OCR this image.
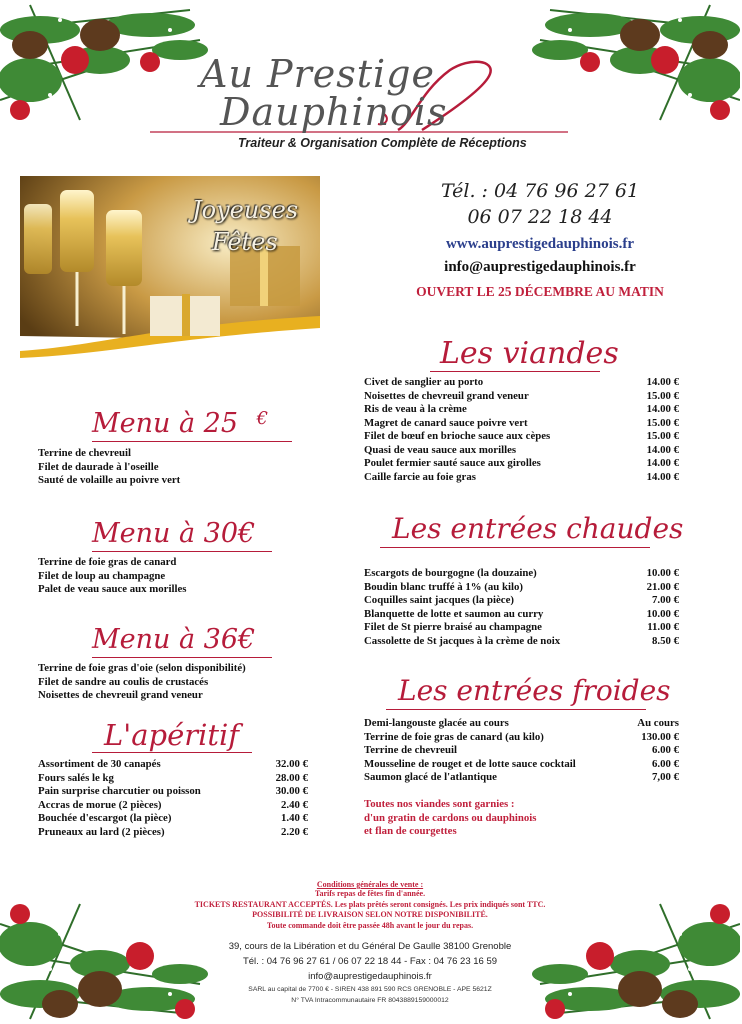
Au Prestige
Dauphinois
Traiteur & Organisation Complète de Réceptions
Joyeuses
Fêtes
Tél. : 04 76 96 27 61
06 07 22 18 44
www.auprestigedauphinois.fr
info@auprestigedauphinois.fr
OUVERT LE 25 DÉCEMBRE AU MATIN
Menu à 25 €
Terrine de chevreuil
Filet de daurade à l'oseille
Sauté de volaille au poivre vert
Menu à 30€
Terrine de foie gras de canard
Filet de loup au champagne
Palet de veau sauce aux morilles
Menu à 36€
Terrine de foie gras d'oie (selon disponibilité)
Filet de sandre au coulis de crustacés
Noisettes de chevreuil grand veneur
L'apéritif
Assortiment de 30 canapés	32.00 €
Fours salés le kg	28.00 €
Pain surprise charcutier ou poisson	30.00 €
Accras de morue (2 pièces)	2.40 €
Bouchée d'escargot (la pièce)	1.40 €
Pruneaux au lard (2 pièces)	2.20 €
Les viandes
Civet de sanglier au porto	14.00 €
Noisettes de chevreuil grand veneur	15.00 €
Ris de veau à la crème	14.00 €
Magret de canard sauce poivre vert	15.00 €
Filet de bœuf en brioche sauce aux cèpes	15.00 €
Quasi de veau sauce aux morilles	14.00 €
Poulet fermier sauté sauce aux girolles	14.00 €
Caille farcie au foie gras	14.00 €
Les entrées chaudes
Escargots de bourgogne (la douzaine)	10.00 €
Boudin blanc truffé à 1% (au kilo)	21.00 €
Coquilles saint jacques (la pièce)	7.00 €
Blanquette de lotte et saumon au curry	10.00 €
Filet de St pierre braisé au champagne	11.00 €
Cassolette de St jacques à la crème de noix	8.50 €
Les entrées froides
Demi-langouste glacée au cours	Au cours
Terrine de foie gras de canard (au kilo)	130.00 €
Terrine de chevreuil	6.00 €
Mousseline de rouget et de lotte sauce cocktail	6.00 €
Saumon glacé de l'atlantique	7,00 €
Toutes nos viandes sont garnies :
d'un gratin de cardons ou dauphinois
et flan de courgettes
Conditions générales de vente :
Tarifs repas de fêtes fin d'année.
TICKETS RESTAURANT ACCEPTÉS. Les plats prêtés seront consignés. Les prix indiqués sont TTC.
POSSIBILITÉ DE LIVRAISON SELON NOTRE DISPONIBILITÉ.
Toute commande doit être passée 48h avant le jour du repas.
39, cours de la Libération et du Général De Gaulle 38100 Grenoble
Tél. : 04 76 96 27 61 / 06 07 22 18 44 - Fax : 04 76 23 16 59
info@auprestigedauphinois.fr
SARL au capital de 7700 € - SIREN 438 891 590 RCS GRENOBLE - APE 5621Z
N° TVA Intracommunautaire FR 8043889159000012
